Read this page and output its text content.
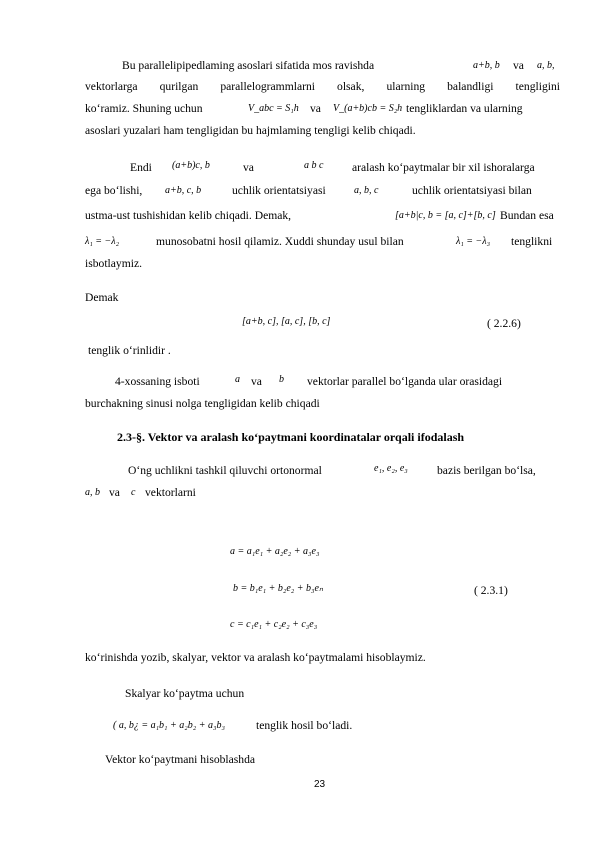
Bu parallelipipedlaming asoslari sifatida mos ravishda	a+b, b va a, b,
vektorlarga qurilgan parallelogrammlarni olsak, ularning balandligi tengligini
ko‘ramiz. Shuning uchun	V_abc = S₁h va V_(a+b)cb = S₂h tengliklardan va ularning
asoslari yuzalari ham tengligidan bu hajmlaming tengligi kelib chiqadi.
Endi (a+b)c, b	va	a b c aralash ko‘paytmalar bir xil ishoralarga
ega bo‘lishi, a+b, c, b	uchlik orientatsiyasi	a, b, c	uchlik orientatsiyasi bilan
ustma-ust tushishidan kelib chiqadi. Demak,	[a+b|c, b = [a, c]+[b, c] Bundan esa
λ₁ = −λ₂	munosobatni hosil qilamiz. Xuddi shunday usul bilan	λ₁ = −λ₃ tenglikni
isbotlaymiz.
Demak
[a+b, c], [a, c], [b, c]	( 2.2.6)
tenglik o‘rinlidir .
4-xossaning isboti	a va b vektorlar parallel bo‘lganda ular orasidagi
burchakning sinusi nolga tengligidan kelib chiqadi
2.3-§. Vektor va aralash ko‘paytmani koordinatalar orqali ifodalash
O‘ng uchlikni tashkil qiluvchi ortonormal	e₁, e₂, e₃	bazis berilgan bo‘lsa,
a, b va c vektorlarni
a = a₁e₁ + a₂e₂ + a₃e₃
b = b₁e₁ + b₂e₂ + b₃eₙ
c = c₁e₁ + c₂e₂ + c₃e₃
( 2.3.1)
ko‘rinishda yozib, skalyar, vektor va aralash ko‘paytmalami hisoblaymiz.
Skalyar ko‘paytma uchun
( a, b¿ = a₁b₁ + a₂b₂ + a₃b₃	tenglik hosil bo‘ladi.
Vektor ko‘paytmani hisoblashda
23
